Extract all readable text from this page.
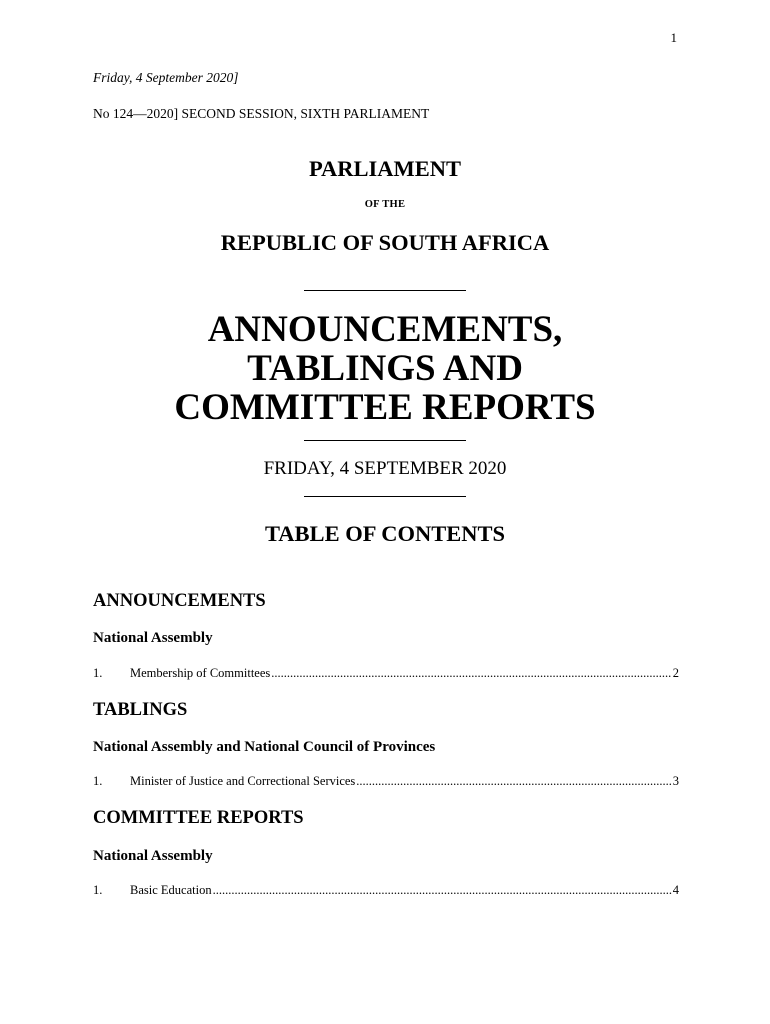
1
Friday, 4 September 2020]
No 124—2020] SECOND SESSION, SIXTH PARLIAMENT
PARLIAMENT
OF THE
REPUBLIC OF SOUTH AFRICA
ANNOUNCEMENTS,
TABLINGS AND
COMMITTEE REPORTS
FRIDAY, 4 SEPTEMBER 2020
TABLE OF CONTENTS
ANNOUNCEMENTS
National Assembly
1.	Membership of Committees .....	2
TABLINGS
National Assembly and National Council of Provinces
1.	Minister of Justice and Correctional Services .....	3
COMMITTEE REPORTS
National Assembly
1.	Basic Education .....	4
